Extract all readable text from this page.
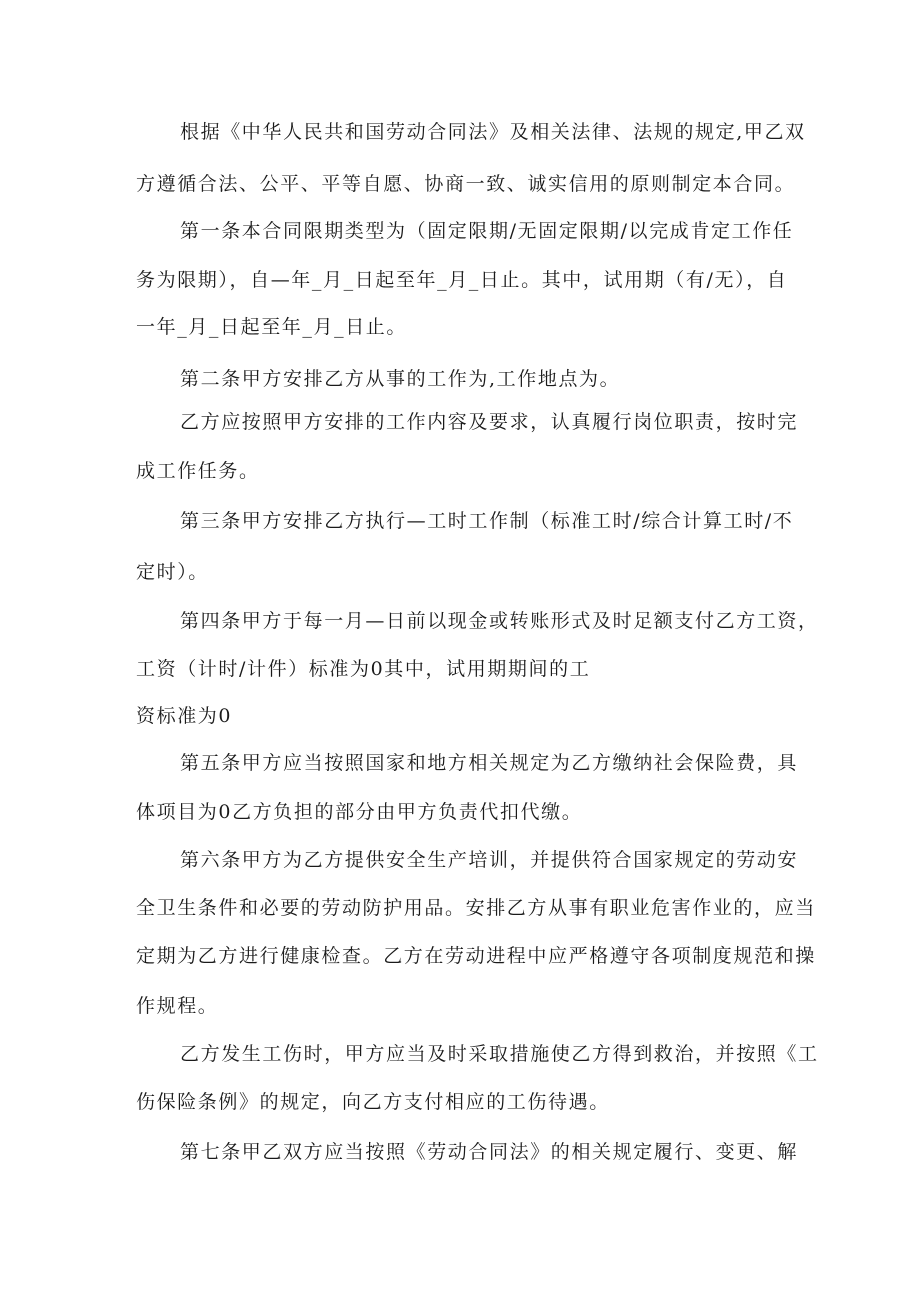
根据《中华人民共和国劳动合同法》及相关法律、法规的规定,甲乙双
方遵循合法、公平、平等自愿、协商一致、诚实信用的原则制定本合同。
第一条本合同限期类型为（固定限期/无固定限期/以完成肯定工作任
务为限期），自—年_月_日起至年_月_日止。其中，试用期（有/无），自
一年_月_日起至年_月_日止。
第二条甲方安排乙方从事的工作为,工作地点为。
乙方应按照甲方安排的工作内容及要求，认真履行岗位职责，按时完
成工作任务。
第三条甲方安排乙方执行—工时工作制（标准工时/综合计算工时/不
定时）。
第四条甲方于每一月—日前以现金或转账形式及时足额支付乙方工资，
工资（计时/计件）标准为0其中，试用期期间的工
资标准为0
第五条甲方应当按照国家和地方相关规定为乙方缴纳社会保险费，具
体项目为0乙方负担的部分由甲方负责代扣代缴。
第六条甲方为乙方提供安全生产培训，并提供符合国家规定的劳动安
全卫生条件和必要的劳动防护用品。安排乙方从事有职业危害作业的，应当
定期为乙方进行健康检查。乙方在劳动进程中应严格遵守各项制度规范和操
作规程。
乙方发生工伤时，甲方应当及时采取措施使乙方得到救治，并按照《工
伤保险条例》的规定，向乙方支付相应的工伤待遇。
第七条甲乙双方应当按照《劳动合同法》的相关规定履行、变更、解
